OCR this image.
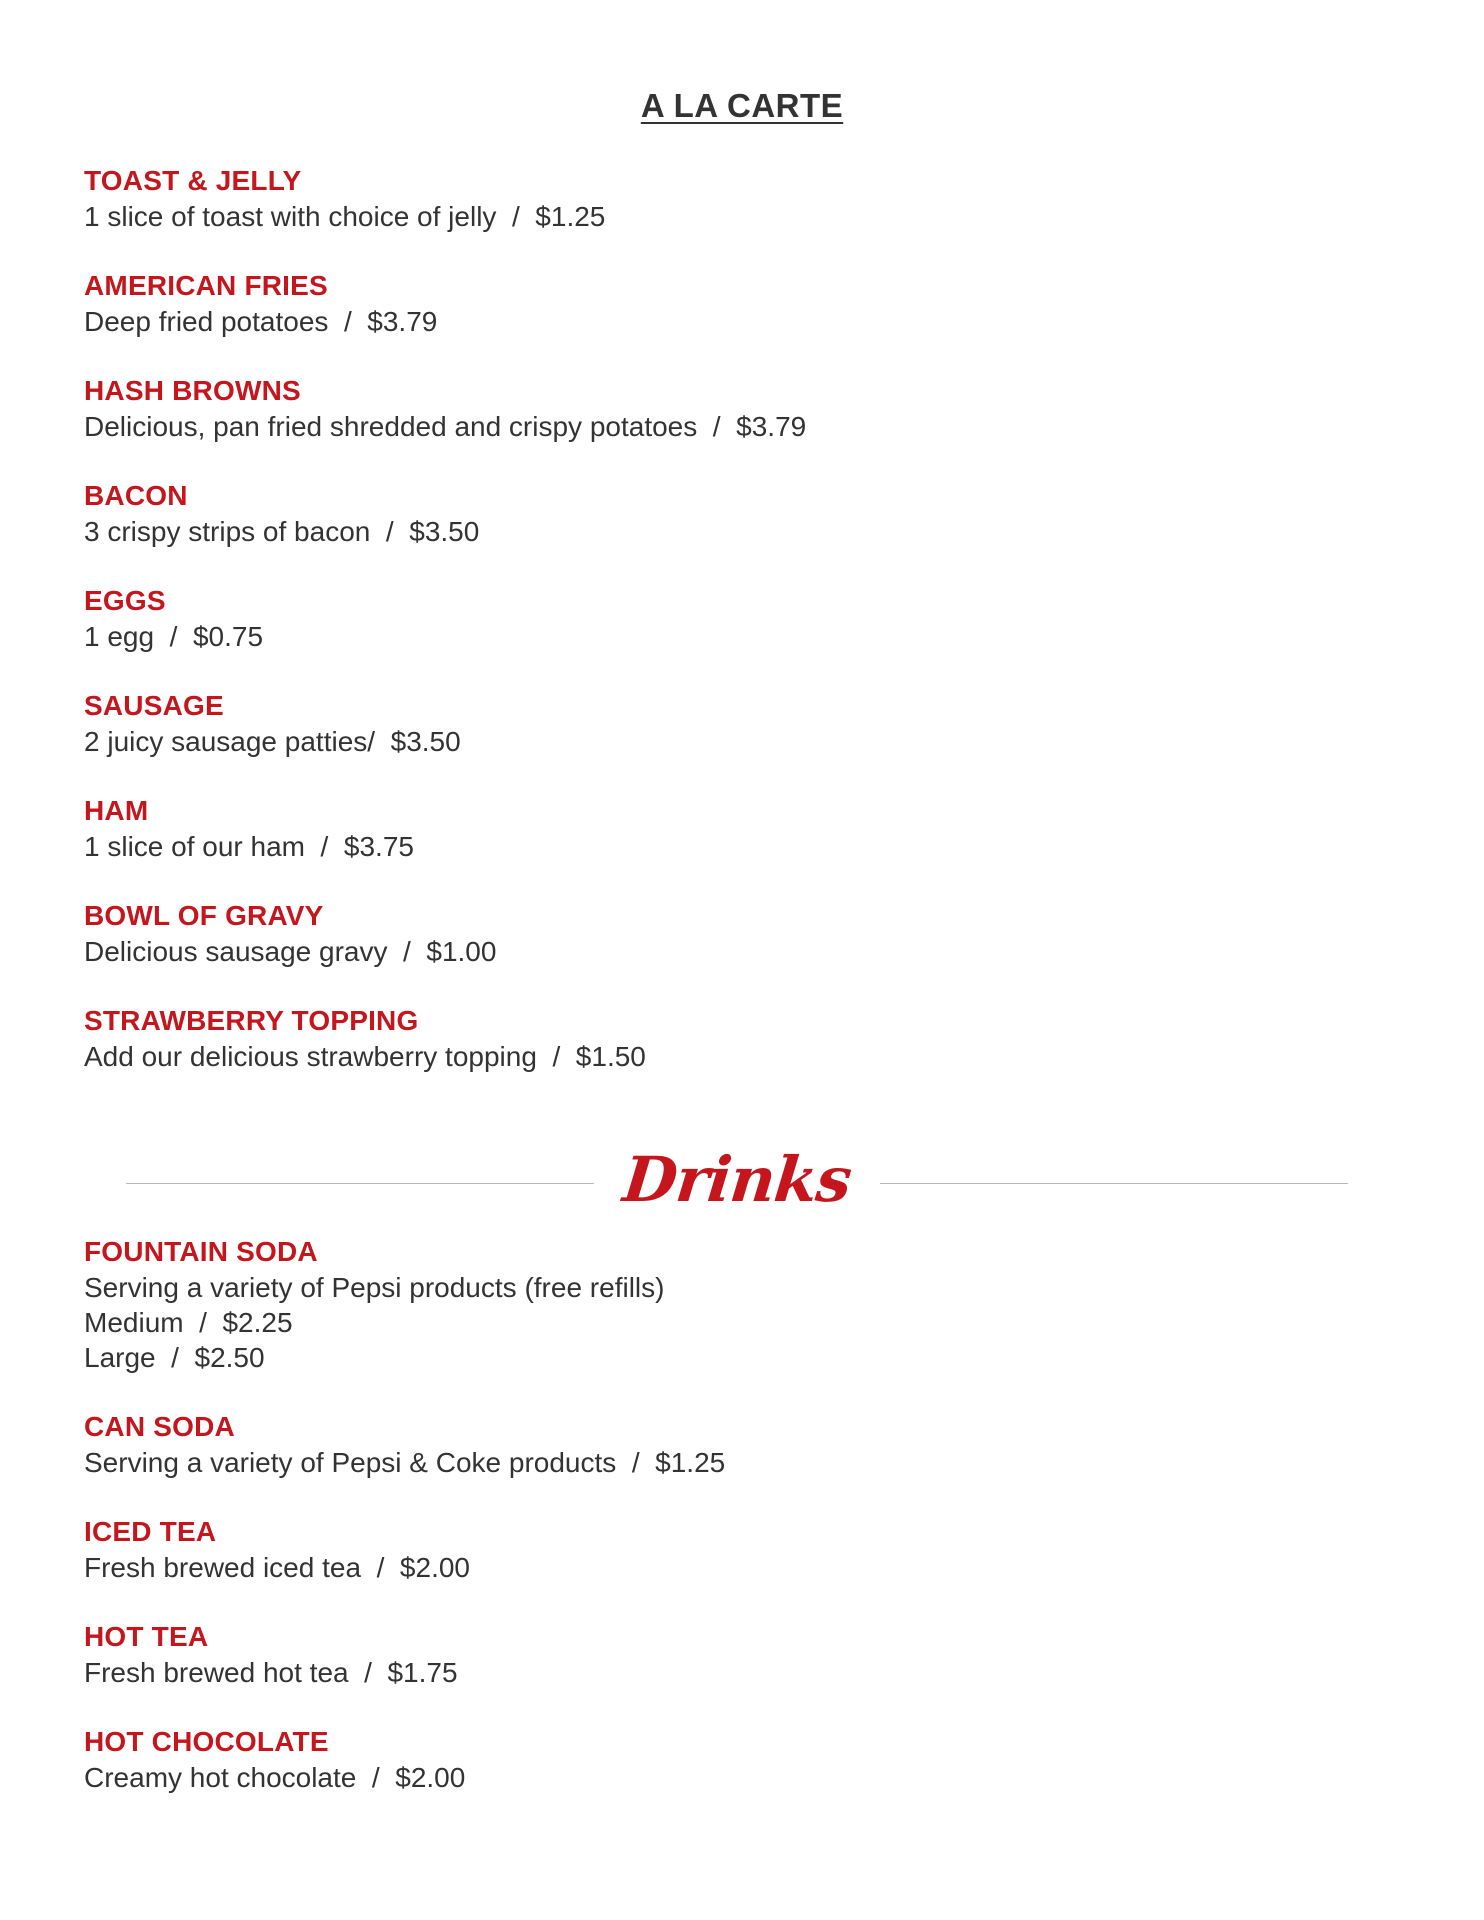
A LA CARTE
TOAST & JELLY
1 slice of toast with choice of jelly  /  $1.25
AMERICAN FRIES
Deep fried potatoes  /  $3.79
HASH BROWNS
Delicious, pan fried shredded and crispy potatoes  /  $3.79
BACON
3 crispy strips of bacon  /  $3.50
EGGS
1 egg  /  $0.75
SAUSAGE
2 juicy sausage patties/  $3.50
HAM
1 slice of our ham  /  $3.75
BOWL OF GRAVY
Delicious sausage gravy  /  $1.00
STRAWBERRY TOPPING
Add our delicious strawberry topping  /  $1.50
Drinks
FOUNTAIN SODA
Serving a variety of Pepsi products (free refills)
Medium  /  $2.25
Large  /  $2.50
CAN SODA
Serving a variety of Pepsi & Coke products  /  $1.25
ICED TEA
Fresh brewed iced tea  /  $2.00
HOT TEA
Fresh brewed hot tea  /  $1.75
HOT CHOCOLATE
Creamy hot chocolate  /  $2.00
